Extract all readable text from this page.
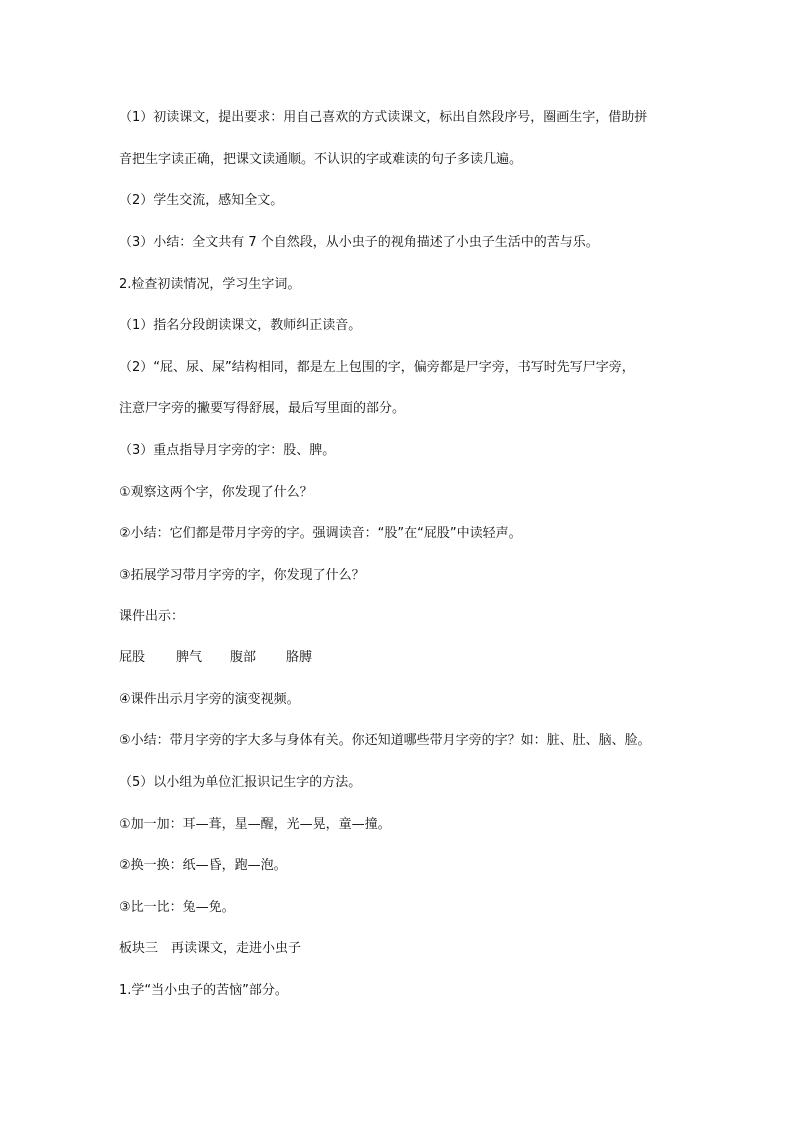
（1）初读课文，提出要求：用自己喜欢的方式读课文，标出自然段序号，圈画生字，借助拼
音把生字读正确，把课文读通顺。不认识的字或难读的句子多读几遍。
（2）学生交流，感知全文。
（3）小结：全文共有 7 个自然段，从小虫子的视角描述了小虫子生活中的苦与乐。
2.检查初读情况，学习生字词。
（1）指名分段朗读课文，教师纠正读音。
（2）“屁、尿、屎”结构相同，都是左上包围的字，偏旁都是尸字旁，书写时先写尸字旁，
注意尸字旁的撇要写得舒展，最后写里面的部分。
（3）重点指导月字旁的字：股、脾。
①观察这两个字，你发现了什么？
②小结：它们都是带月字旁的字。强调读音：“股”在“屁股”中读轻声。
③拓展学习带月字旁的字，你发现了什么？
课件出示：
屁股 脾气 腹部 胳膊
④课件出示月字旁的演变视频。
⑤小结：带月字旁的字大多与身体有关。你还知道哪些带月字旁的字？如：脏、肚、脑、脸。
（5）以小组为单位汇报识记生字的方法。
①加一加：耳—葺，星—醒，光—晃，童—撞。
②换一换：纸—昏，跑—泡。
③比一比：兔—免。
板块三　再读课文，走进小虫子
1.学“当小虫子的苦恼”部分。
